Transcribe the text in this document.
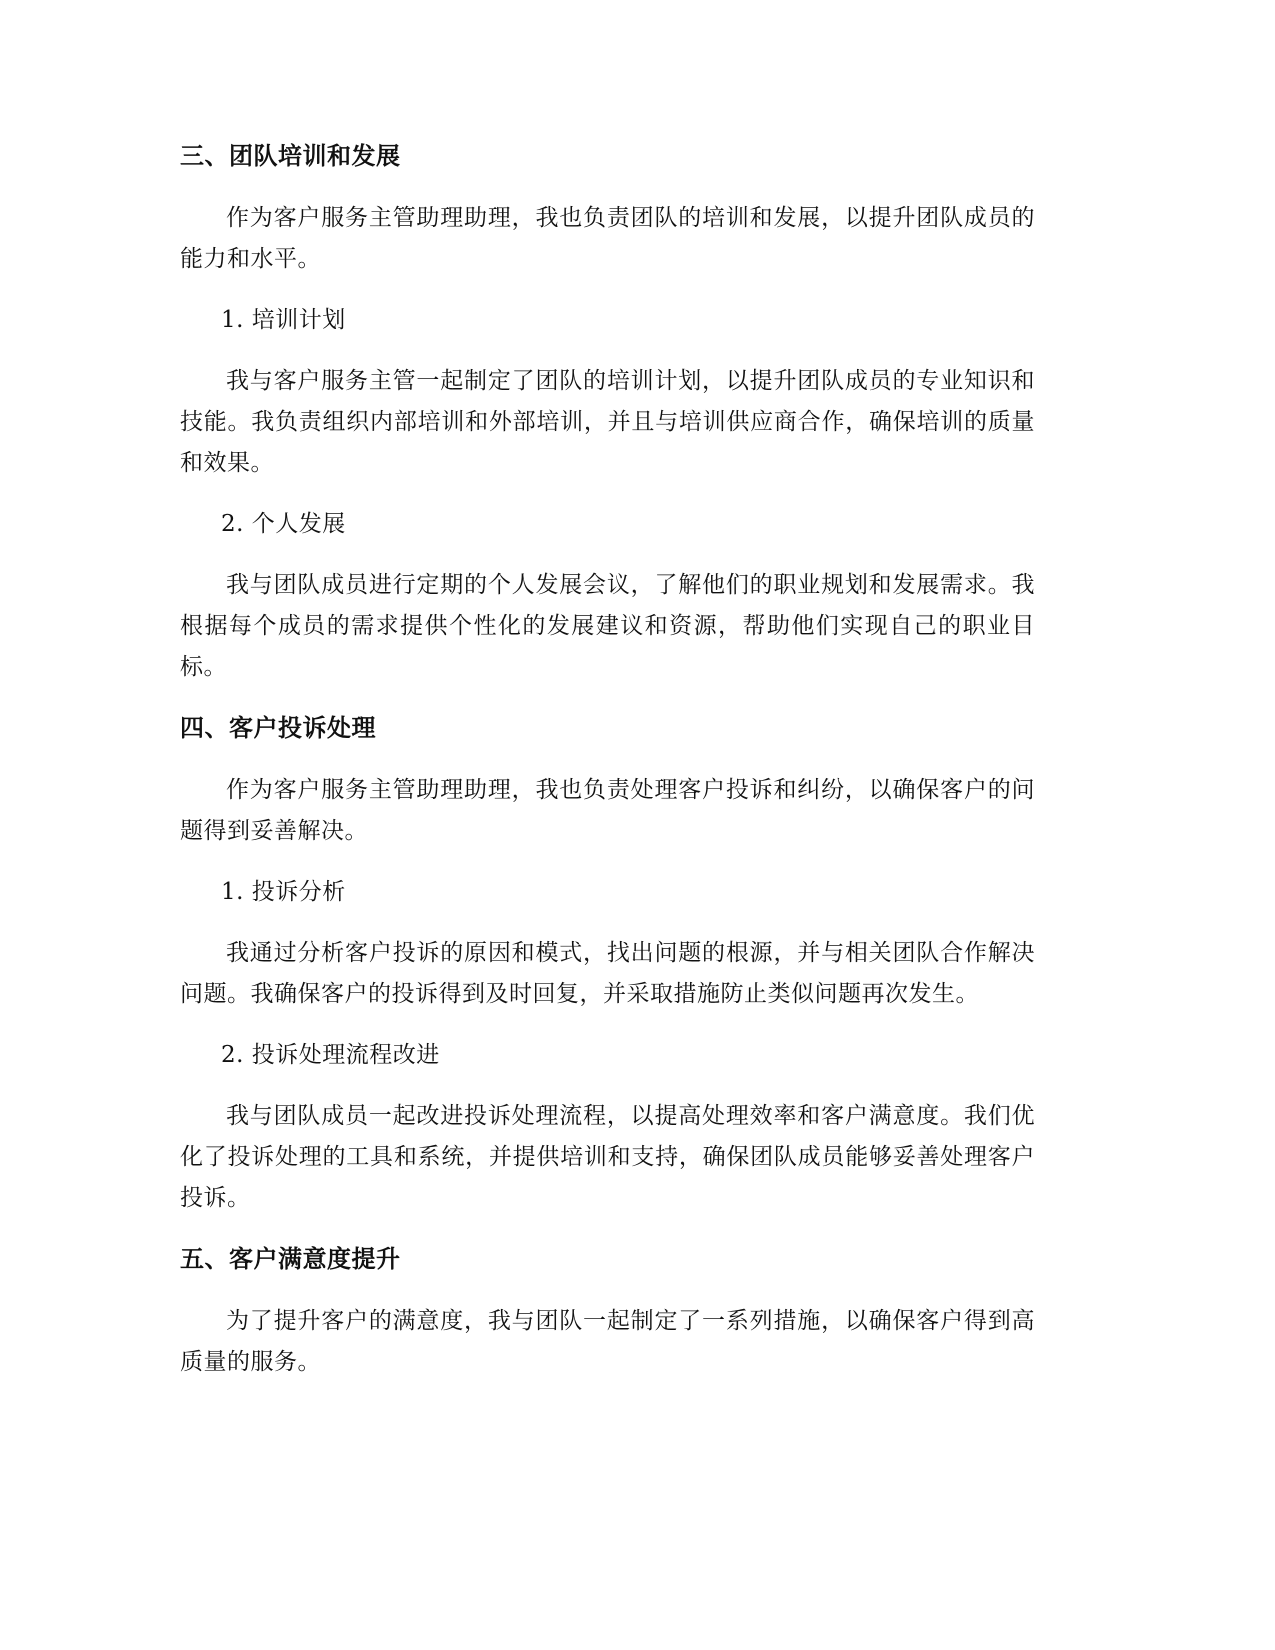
三、团队培训和发展

作为客户服务主管助理助理，我也负责团队的培训和发展，以提升团队成员的能力和水平。

1. 培训计划

我与客户服务主管一起制定了团队的培训计划，以提升团队成员的专业知识和技能。我负责组织内部培训和外部培训，并且与培训供应商合作，确保培训的质量和效果。

2. 个人发展

我与团队成员进行定期的个人发展会议，了解他们的职业规划和发展需求。我根据每个成员的需求提供个性化的发展建议和资源，帮助他们实现自己的职业目标。

四、客户投诉处理

作为客户服务主管助理助理，我也负责处理客户投诉和纠纷，以确保客户的问题得到妥善解决。

1. 投诉分析

我通过分析客户投诉的原因和模式，找出问题的根源，并与相关团队合作解决问题。我确保客户的投诉得到及时回复，并采取措施防止类似问题再次发生。

2. 投诉处理流程改进

我与团队成员一起改进投诉处理流程，以提高处理效率和客户满意度。我们优化了投诉处理的工具和系统，并提供培训和支持，确保团队成员能够妥善处理客户投诉。

五、客户满意度提升

为了提升客户的满意度，我与团队一起制定了一系列措施，以确保客户得到高质量的服务。
